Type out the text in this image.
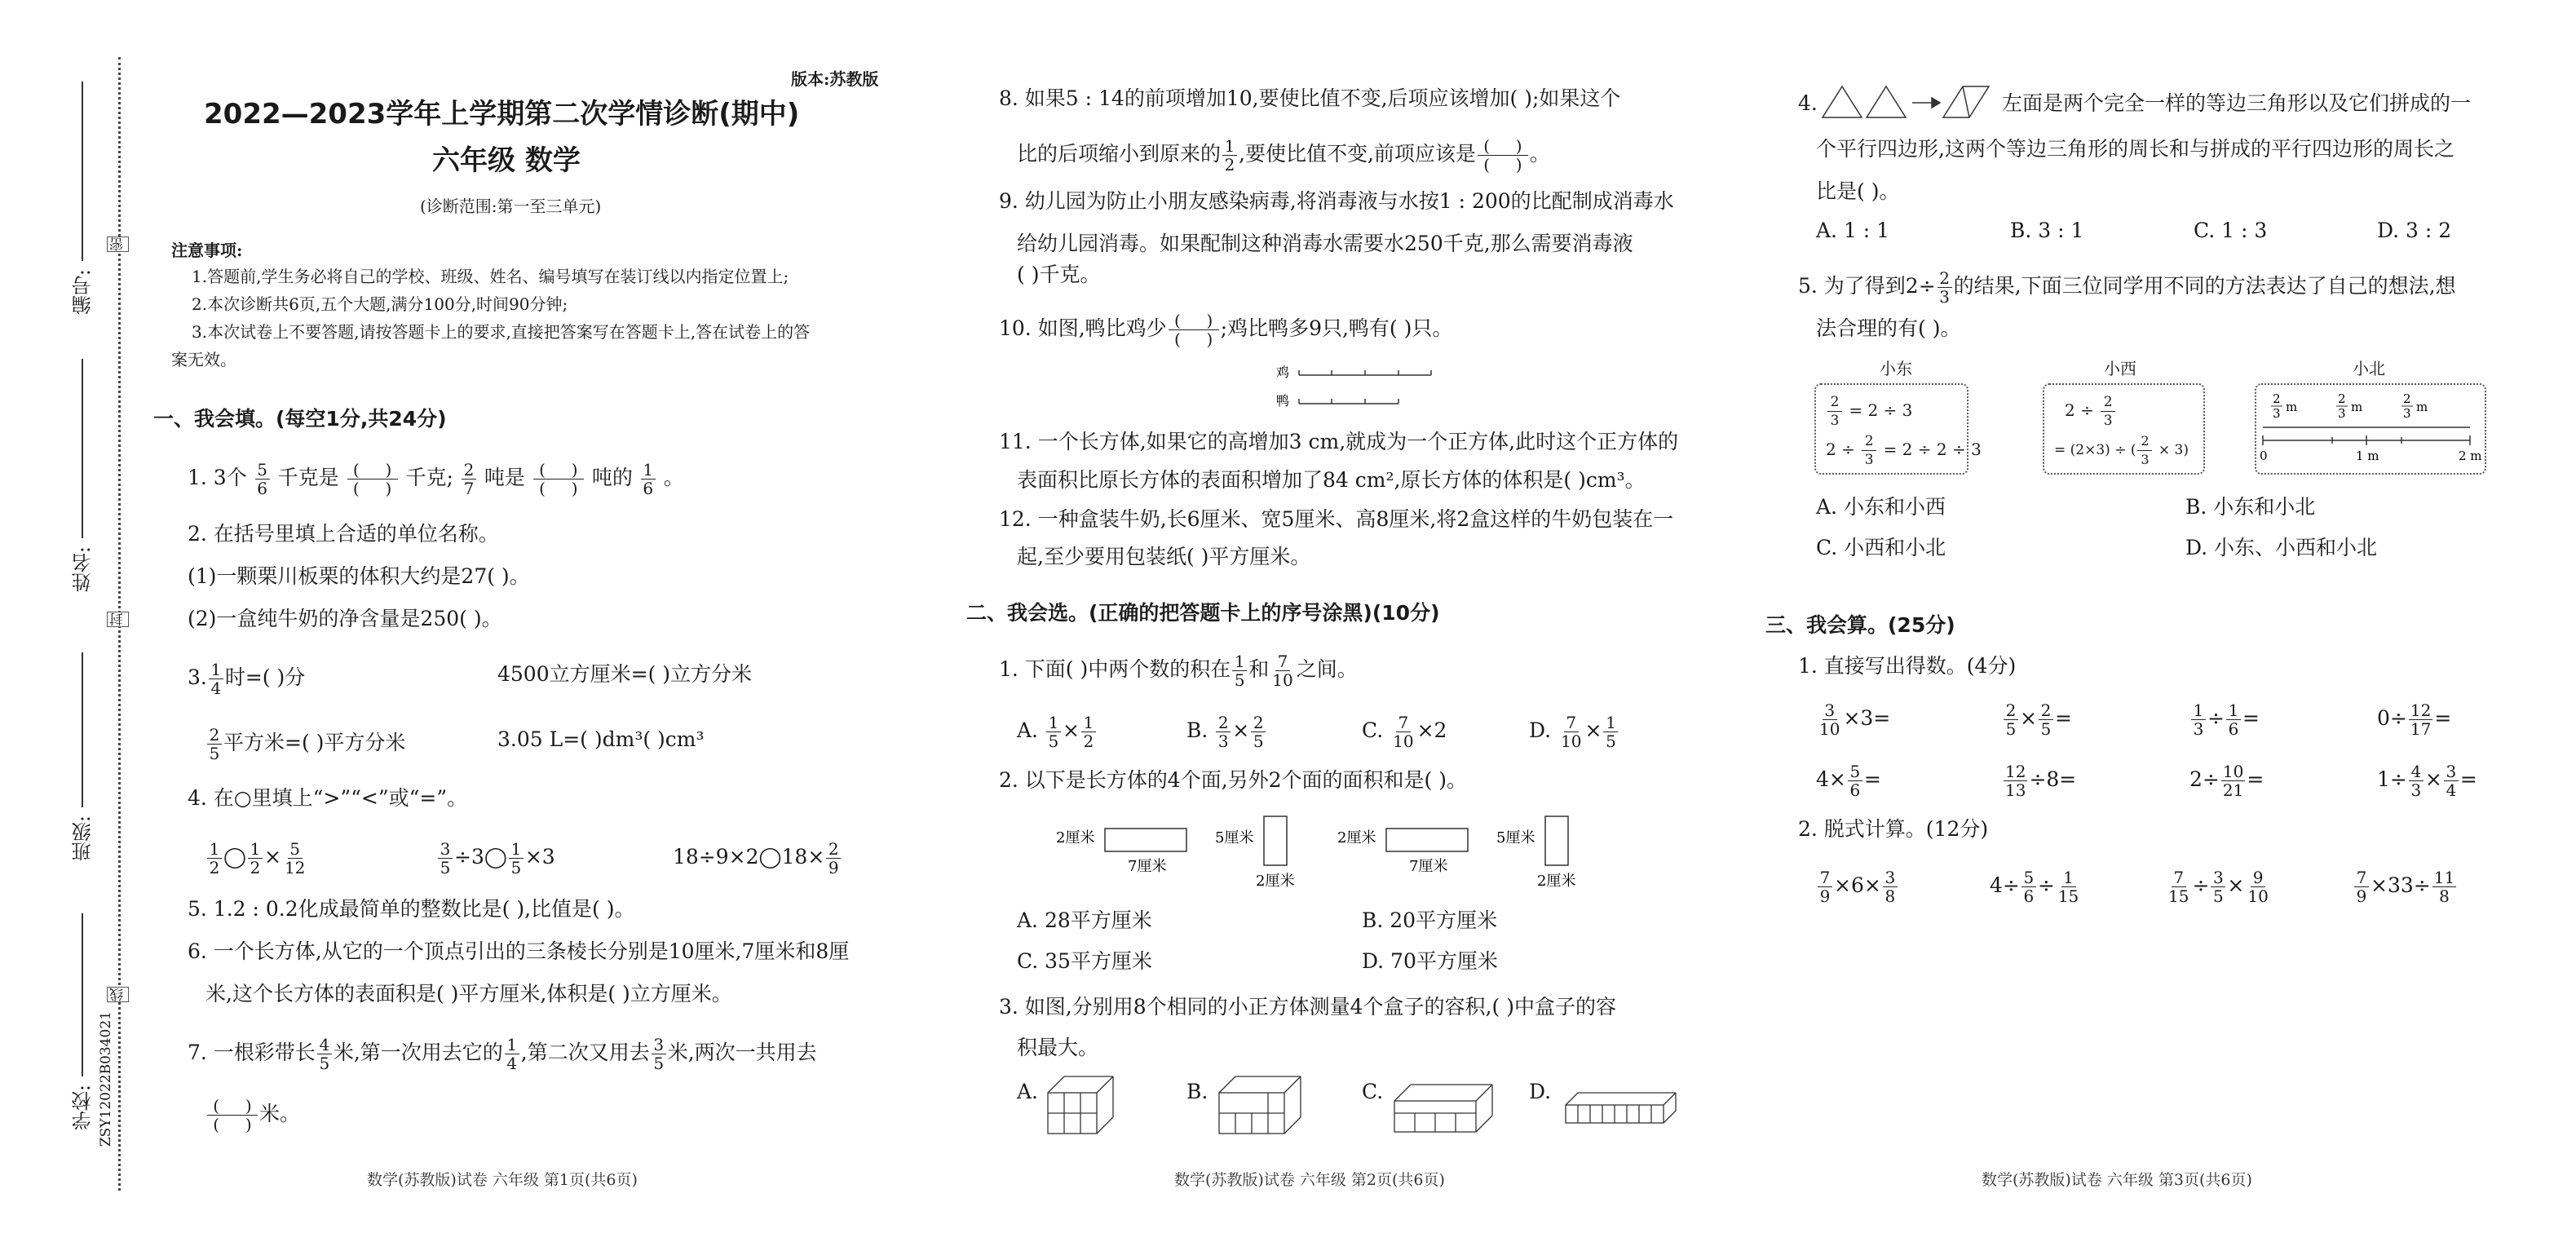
编号:
姓名:
班级:
学校: ZSY12022B034021
密
封
线
版本:苏教版
2022—2023学年上学期第二次学情诊断(期中)
六年级 数学
(诊断范围:第一至三单元)
注意事项:
1.答题前,学生务必将自己的学校、班级、姓名、编号填写在装订线以内指定位置上;
2.本次诊断共6页,五个大题,满分100分,时间90分钟;
3.本次试卷上不要答题,请按答题卡上的要求,直接把答案写在答题卡上,答在试卷上的答
案无效。
一、我会填。(每空1分,共24分)
1. 3个 $\frac{5}{6}$ 千克是 $\frac{( )}{( )}$ 千克; $\frac{2}{7}$ 吨是 $\frac{( )}{( )}$ 吨的 $\frac{1}{6}$ 。
2. 在括号里填上合适的单位名称。
(1)一颗栗川板栗的体积大约是27( )。
(2)一盒纯牛奶的净含量是250( )。
3. $\frac{1}{4}$ 时=( )分	4500立方厘米=( )立方分米
$\frac{2}{5}$ 平方米=( )平方分米	3.05 L=( )dm³( )cm³
4. 在○里填上“>”“<”或“=”。
$\frac{1}{2}$ ◯ $\frac{1}{2} \times \frac{5}{12}$	$\frac{3}{5}$ ÷3◯ $\frac{1}{5} \times 3$	18÷9×2◯18× $\frac{2}{9}$
5. 1.2 : 0.2化成最简单的整数比是( ),比值是( )。
6. 一个长方体,从它的一个顶点引出的三条棱长分别是10厘米,7厘米和8厘
米,这个长方体的表面积是( )平方厘米,体积是( )立方厘米。
7. 一根彩带长 $\frac{4}{5}$ 米,第一次用去它的 $\frac{1}{4}$ ,第二次又用去 $\frac{3}{5}$ 米,两次一共用去
$\frac{( )}{( )}$ 米。
数学(苏教版)试卷 六年级 第1页(共6页)
8. 如果5 : 14的前项增加10,要使比值不变,后项应该增加( );如果这个
比的后项缩小到原来的 $\frac{1}{2}$ ,要使比值不变,前项应该是 $\frac{( )}{( )}$ 。
9. 幼儿园为防止小朋友感染病毒,将消毒液与水按1 : 200的比配制成消毒水
给幼儿园消毒。如果配制这种消毒水需要水250千克,那么需要消毒液
( )千克。
10. 如图,鸭比鸡少 $\frac{( )}{( )}$ ;鸡比鸭多9只,鸭有( )只。
鸡
鸭
11. 一个长方体,如果它的高增加3 cm,就成为一个正方体,此时这个正方体的
表面积比原长方体的表面积增加了84 cm²,原长方体的体积是( )cm³。
12. 一种盒装牛奶,长6厘米、宽5厘米、高8厘米,将2盒这样的牛奶包装在一
起,至少要用包装纸( )平方厘米。
二、我会选。(正确的把答题卡上的序号涂黑)(10分)
1. 下面( )中两个数的积在 $\frac{1}{5}$ 和 $\frac{7}{10}$ 之间。
A. $\frac{1}{5} \times \frac{1}{2}$	B. $\frac{2}{3} \times \frac{2}{5}$	C. $\frac{7}{10} \times 2$	D. $\frac{7}{10} \times \frac{1}{5}$
2. 以下是长方体的4个面,另外2个面的面积和是( )。
2厘米
7厘米
5厘米
2厘米
2厘米
7厘米
5厘米
2厘米
A. 28平方厘米	B. 20平方厘米
C. 35平方厘米	D. 70平方厘米
3. 如图,分别用8个相同的小正方体测量4个盒子的容积,( )中盒子的容
积最大。
A.	B.	C.	D.
数学(苏教版)试卷 六年级 第2页(共6页)
4.	左面是两个完全一样的等边三角形以及它们拼成的一
个平行四边形,这两个等边三角形的周长和与拼成的平行四边形的周长之
比是( )。
A. 1 : 1	B. 3 : 1	C. 1 : 3	D. 3 : 2
5. 为了得到$2\div \frac{2}{3}$ 的结果,下面三位同学用不同的方法表达了自己的想法,想
法合理的有( )。
小东	小西	小北
$\frac{2}{3} = 2 \div 3$
$2 \div \frac{2}{3} = 2 \div 2 \div 3$
$2 \div \frac{2}{3}$
= (2×3) ÷ ( $\frac{2}{3} \times 3$)
2
3 m
2
3 m
2
3 m
0	1 m	2 m
A. 小东和小西	B. 小东和小北
C. 小西和小北	D. 小东、小西和小北
三、我会算。(25分)
1. 直接写出得数。(4分)
$\frac{3}{10} \times 3=$	$\frac{2}{5} \times \frac{2}{5}$ =	$\frac{1}{3} \div \frac{1}{6}$ =	$0\div \frac{12}{17}$ =
$4\times \frac{5}{6}$ =	$\frac{12}{13} \div 8=$	$2\div \frac{10}{21}$ =	$1\div \frac{4}{3} \times \frac{3}{4}$ =
2. 脱式计算。(12分)
$\frac{7}{9} \times 6\times \frac{3}{8}$	$4\div \frac{5}{6} \div \frac{1}{15}$	$\frac{7}{15} \div \frac{3}{5} \times \frac{9}{10}$	$\frac{7}{9} \times 33\div \frac{11}{8}$
数学(苏教版)试卷 六年级 第3页(共6页)
